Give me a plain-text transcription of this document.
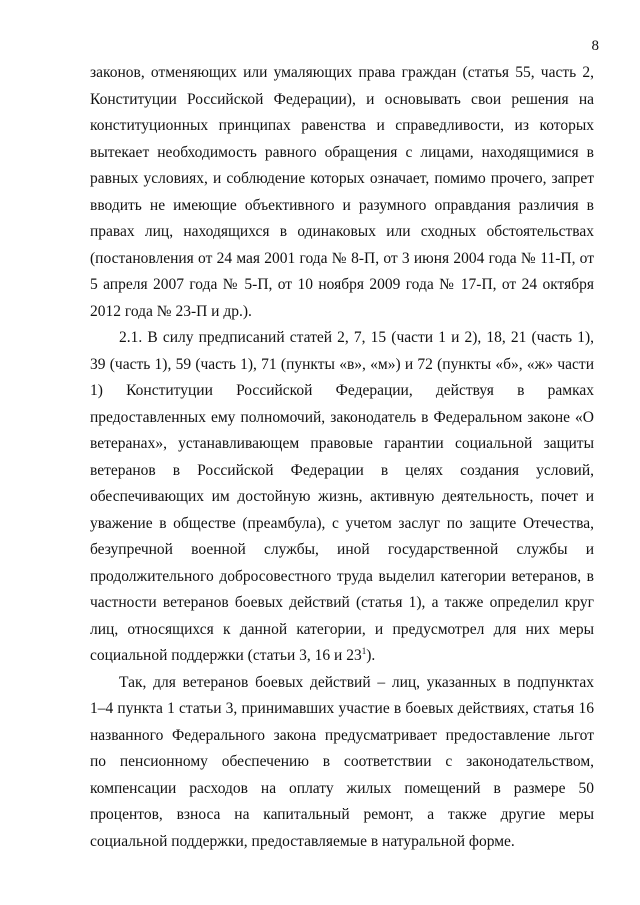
8
законов, отменяющих или умаляющих права граждан (статья 55, часть 2,
Конституции Российской Федерации), и основывать свои решения на
конституционных принципах равенства и справедливости, из которых
вытекает необходимость равного обращения с лицами, находящимися в
равных условиях, и соблюдение которых означает, помимо прочего, запрет
вводить не имеющие объективного и разумного оправдания различия в
правах лиц, находящихся в одинаковых или сходных обстоятельствах
(постановления от 24 мая 2001 года № 8-П, от 3 июня 2004 года № 11-П, от
5 апреля 2007 года № 5-П, от 10 ноября 2009 года № 17-П, от 24 октября
2012 года № 23-П и др.).
2.1. В силу предписаний статей 2, 7, 15 (части 1 и 2), 18, 21 (часть 1),
39 (часть 1), 59 (часть 1), 71 (пункты «в», «м») и 72 (пункты «б», «ж» части
1) Конституции Российской Федерации, действуя в рамках
предоставленных ему полномочий, законодатель в Федеральном законе «О
ветеранах», устанавливающем правовые гарантии социальной защиты
ветеранов в Российской Федерации в целях создания условий,
обеспечивающих им достойную жизнь, активную деятельность, почет и
уважение в обществе (преамбула), с учетом заслуг по защите Отечества,
безупречной военной службы, иной государственной службы и
продолжительного добросовестного труда выделил категории ветеранов, в
частности ветеранов боевых действий (статья 1), а также определил круг
лиц, относящихся к данной категории, и предусмотрел для них меры
социальной поддержки (статьи 3, 16 и $23^1$).
Так, для ветеранов боевых действий – лиц, указанных в подпунктах
1–4 пункта 1 статьи 3, принимавших участие в боевых действиях, статья 16
названного Федерального закона предусматривает предоставление льгот
по пенсионному обеспечению в соответствии с законодательством,
компенсации расходов на оплату жилых помещений в размере 50
процентов, взноса на капитальный ремонт, а также другие меры
социальной поддержки, предоставляемые в натуральной форме.
